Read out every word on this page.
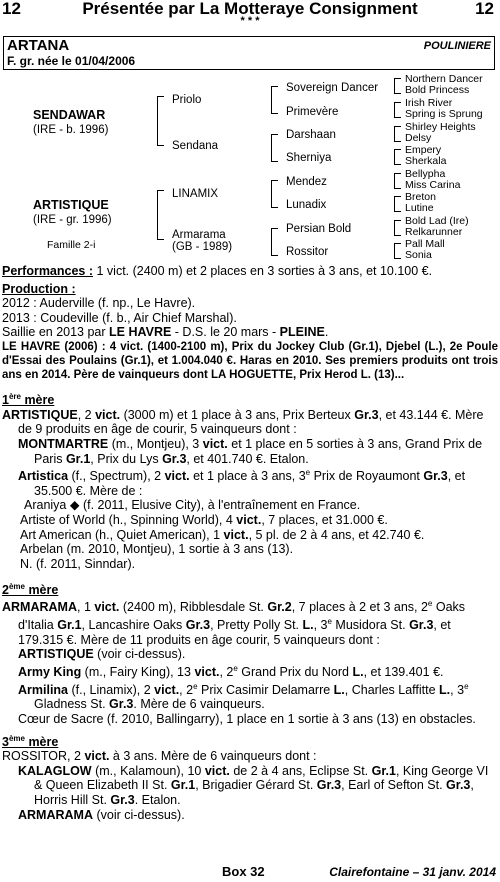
12	Présentée par La Motteraye Consignment	12
* * *
ARTANA
F. gr. née le 01/04/2006
POULINIERE
SENDAWAR
(IRE - b. 1996)
ARTISTIQUE
(IRE - gr. 1996)
Famille 2-i
Priolo
Sendana
LINAMIX
Armarama
(GB - 1989)
Sovereign Dancer
Primevère
Darshaan
Sherniya
Mendez
Lunadix
Persian Bold
Rossitor
Northern Dancer
Bold Princess
Irish River
Spring is Sprung
Shirley Heights
Delsy
Empery
Sherkala
Bellypha
Miss Carina
Breton
Lutine
Bold Lad (Ire)
Relkarunner
Pall Mall
Sonia

Performances : 1 vict. (2400 m) et 2 places en 3 sorties à 3 ans, et 10.100 €.

Production :

2012 : Auderville (f. np., Le Havre).

2013 : Coudeville (f. b., Air Chief Marshal).

Saillie en 2013 par LE HAVRE - D.S. le 20 mars - PLEINE.

LE HAVRE (2006) : 4 vict. (1400-2100 m), Prix du Jockey Club (Gr.1), Djebel (L.), 2e Poule d'Essai des Poulains (Gr.1), et 1.004.040 €. Haras en 2010. Ses premiers produits ont trois ans en 2014. Père de vainqueurs dont LA HOGUETTE, Prix Herod L. (13)...

1ère mère

ARTISTIQUE, 2 vict. (3000 m) et 1 place à 3 ans, Prix Berteux Gr.3, et 43.144 €. Mère de 9 produits en âge de courir, 5 vainqueurs dont :

MONTMARTRE (m., Montjeu), 3 vict. et 1 place en 5 sorties à 3 ans, Grand Prix de Paris Gr.1, Prix du Lys Gr.3, et 401.740 €. Etalon.

Artistica (f., Spectrum), 2 vict. et 1 place à 3 ans, 3e Prix de Royaumont Gr.3, et 35.500 €. Mère de :

Araniya ◆ (f. 2011, Elusive City), à l'entraînement en France.

Artiste of World (h., Spinning World), 4 vict., 7 places, et 31.000 €.

Art American (h., Quiet American), 1 vict., 5 pl. de 2 à 4 ans, et 42.740 €.

Arbelan (m. 2010, Montjeu), 1 sortie à 3 ans (13).

N. (f. 2011, Sinndar).

2ème mère

ARMARAMA, 1 vict. (2400 m), Ribblesdale St. Gr.2, 7 places à 2 et 3 ans, 2e Oaks d'Italia Gr.1, Lancashire Oaks Gr.3, Pretty Polly St. L., 3e Musidora St. Gr.3, et 179.315 €. Mère de 11 produits en âge courir, 5 vainqueurs dont :

ARTISTIQUE (voir ci-dessus).

Army King (m., Fairy King), 13 vict., 2e Grand Prix du Nord L., et 139.401 €.

Armilina (f., Linamix), 2 vict., 2e Prix Casimir Delamarre L., Charles Laffitte L., 3e Gladness St. Gr.3. Mère de 6 vainqueurs.

Cœur de Sacre (f. 2010, Ballingarry), 1 place en 1 sortie à 3 ans (13) en obstacles.

3ème mère

ROSSITOR, 2 vict. à 3 ans. Mère de 6 vainqueurs dont :

KALAGLOW (m., Kalamoun), 10 vict. de 2 à 4 ans, Eclipse St. Gr.1, King George VI & Queen Elizabeth II St. Gr.1, Brigadier Gérard St. Gr.3, Earl of Sefton St. Gr.3, Horris Hill St. Gr.3. Etalon.

ARMARAMA (voir ci-dessus).

Box 32	Clairefontaine – 31 janv. 2014
